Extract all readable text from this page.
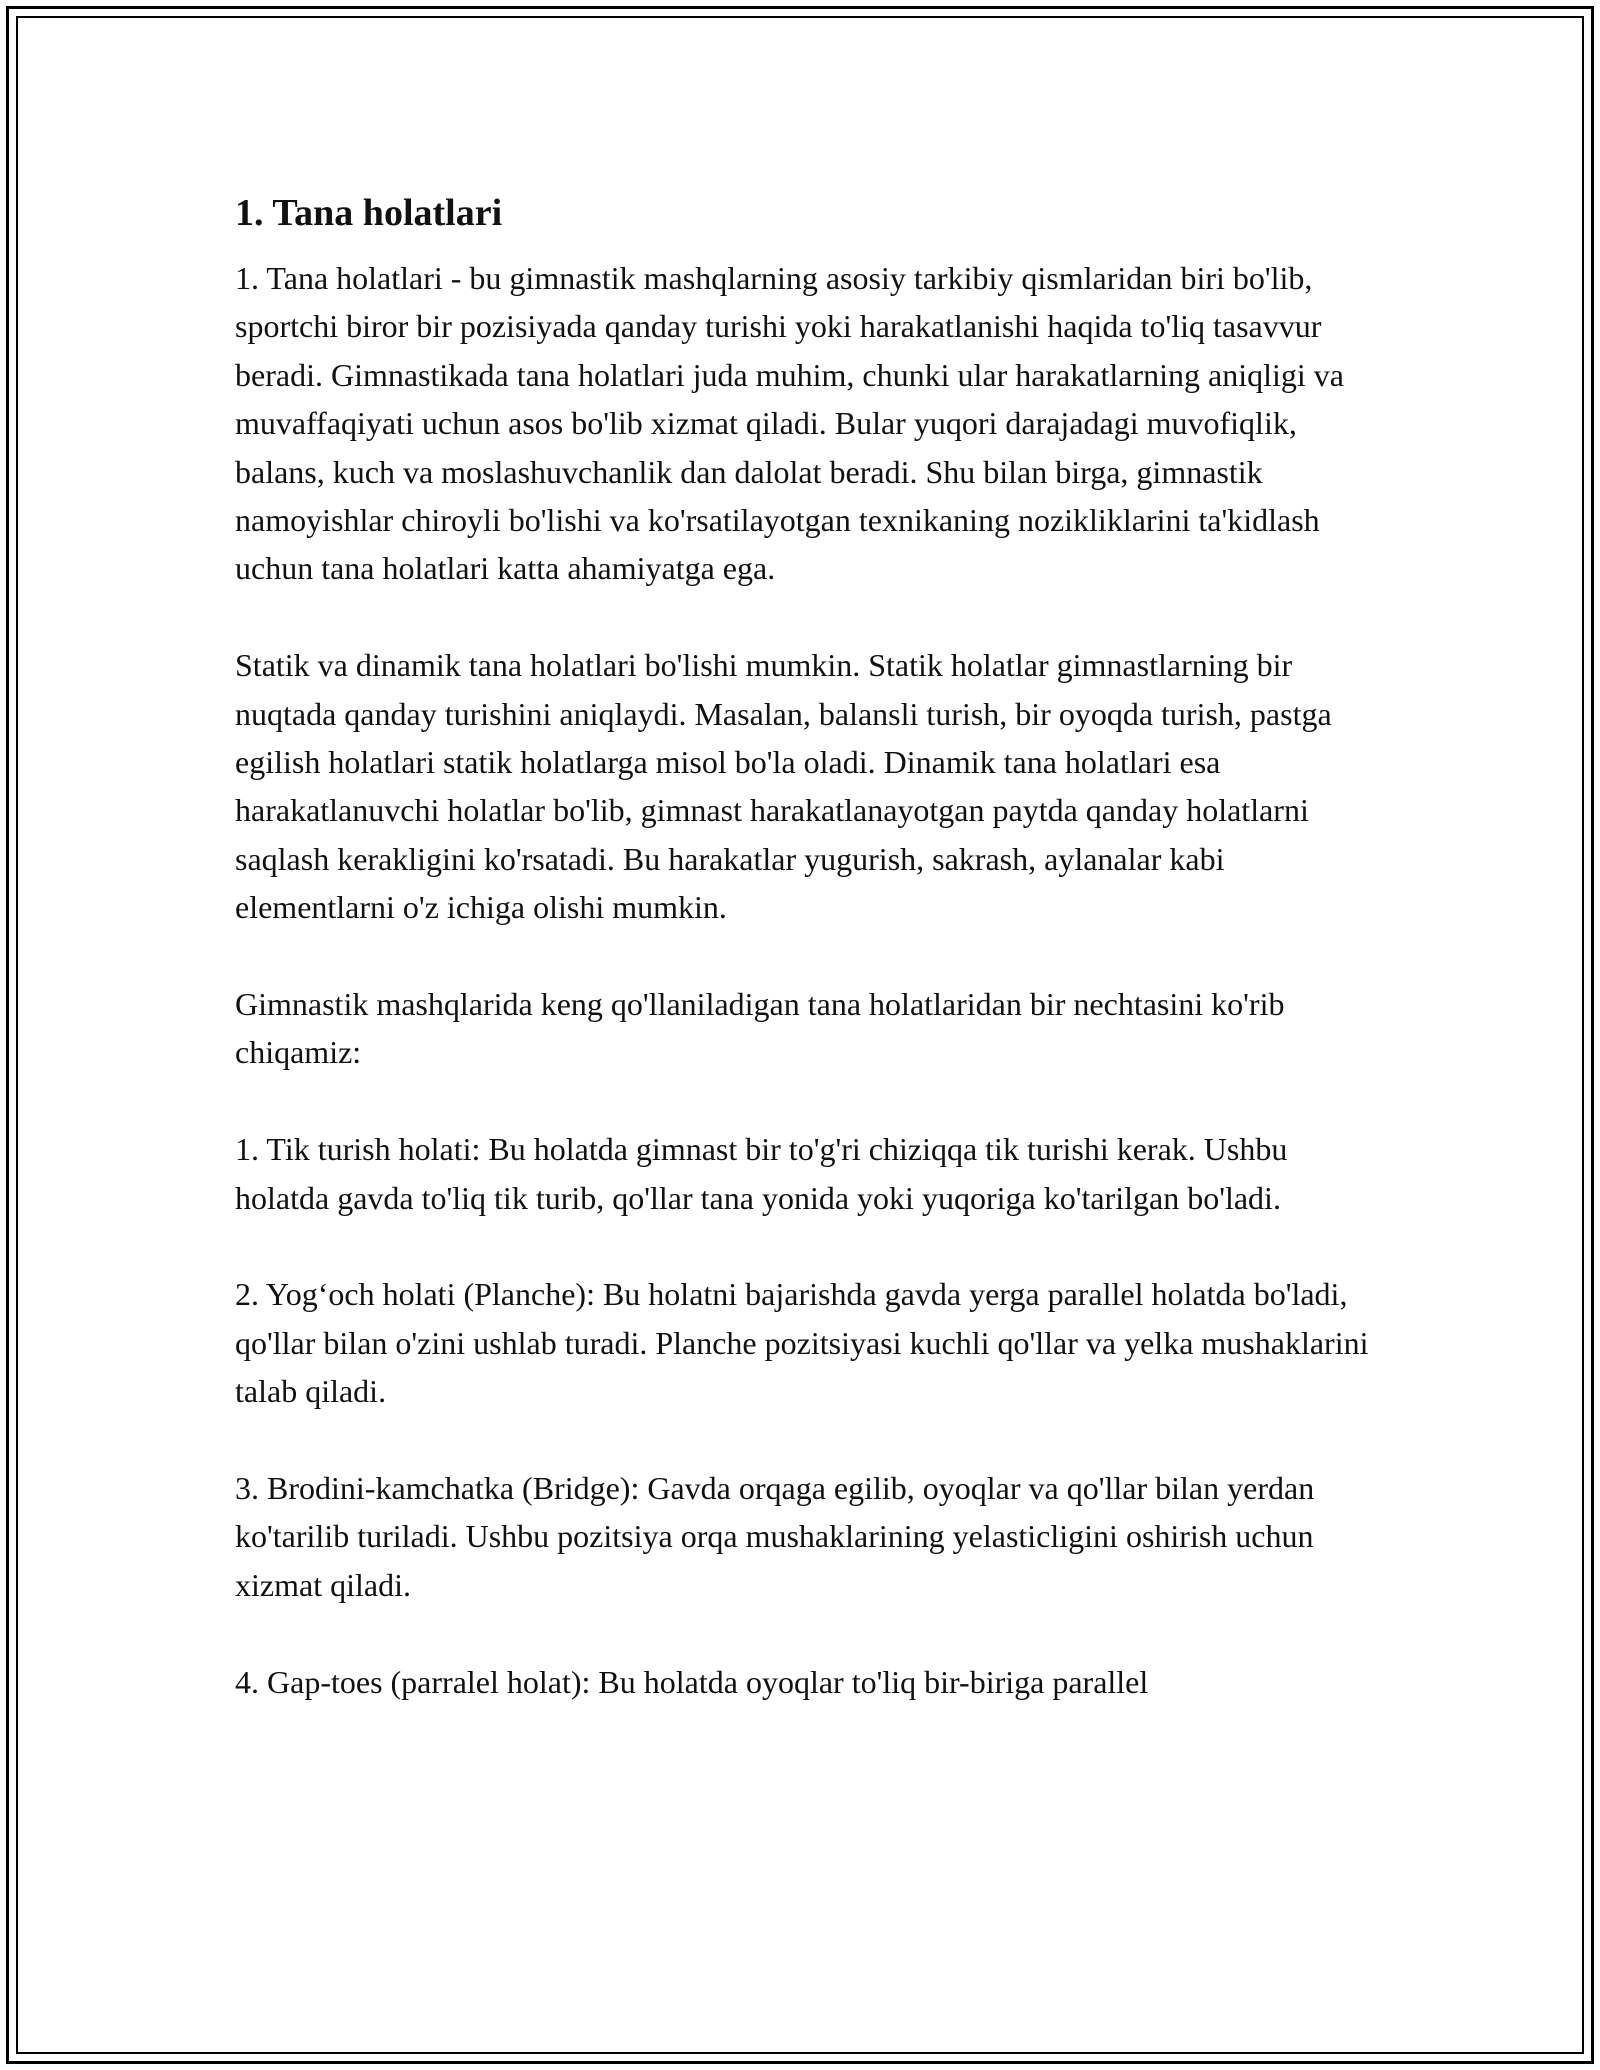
1. Tana holatlari

1. Tana holatlari - bu gimnastik mashqlarning asosiy tarkibiy qismlaridan biri bo'lib, sportchi biror bir pozisiyada qanday turishi yoki harakatlanishi haqida to'liq tasavvur beradi. Gimnastikada tana holatlari juda muhim, chunki ular harakatlarning aniqligi va muvaffaqiyati uchun asos bo'lib xizmat qiladi. Bular yuqori darajadagi muvofiqlik, balans, kuch va moslashuvchanlik dan dalolat beradi. Shu bilan birga, gimnastik namoyishlar chiroyli bo'lishi va ko'rsatilayotgan texnikaning nozikliklarini ta'kidlash uchun tana holatlari katta ahamiyatga ega.

Statik va dinamik tana holatlari bo'lishi mumkin. Statik holatlar gimnastlarning bir nuqtada qanday turishini aniqlaydi. Masalan, balansli turish, bir oyoqda turish, pastga egilish holatlari statik holatlarga misol bo'la oladi. Dinamik tana holatlari esa harakatlanuvchi holatlar bo'lib, gimnast harakatlanayotgan paytda qanday holatlarni saqlash kerakligini ko'rsatadi. Bu harakatlar yugurish, sakrash, aylanalar kabi elementlarni o'z ichiga olishi mumkin.

Gimnastik mashqlarida keng qo'llaniladigan tana holatlaridan bir nechtasini ko'rib chiqamiz:

1. Tik turish holati: Bu holatda gimnast bir to'g'ri chiziqqa tik turishi kerak. Ushbu holatda gavda to'liq tik turib, qo'llar tana yonida yoki yuqoriga ko'tarilgan bo'ladi.

2. Yog‘och holati (Planche): Bu holatni bajarishda gavda yerga parallel holatda bo'ladi, qo'llar bilan o'zini ushlab turadi. Planche pozitsiyasi kuchli qo'llar va yelka mushaklarini talab qiladi.

3. Brodini-kamchatka (Bridge): Gavda orqaga egilib, oyoqlar va qo'llar bilan yerdan ko'tarilib turiladi. Ushbu pozitsiya orqa mushaklarining yelasticligini oshirish uchun xizmat qiladi.

4. Gap-toes (parralel holat): Bu holatda oyoqlar to'liq bir-biriga parallel
